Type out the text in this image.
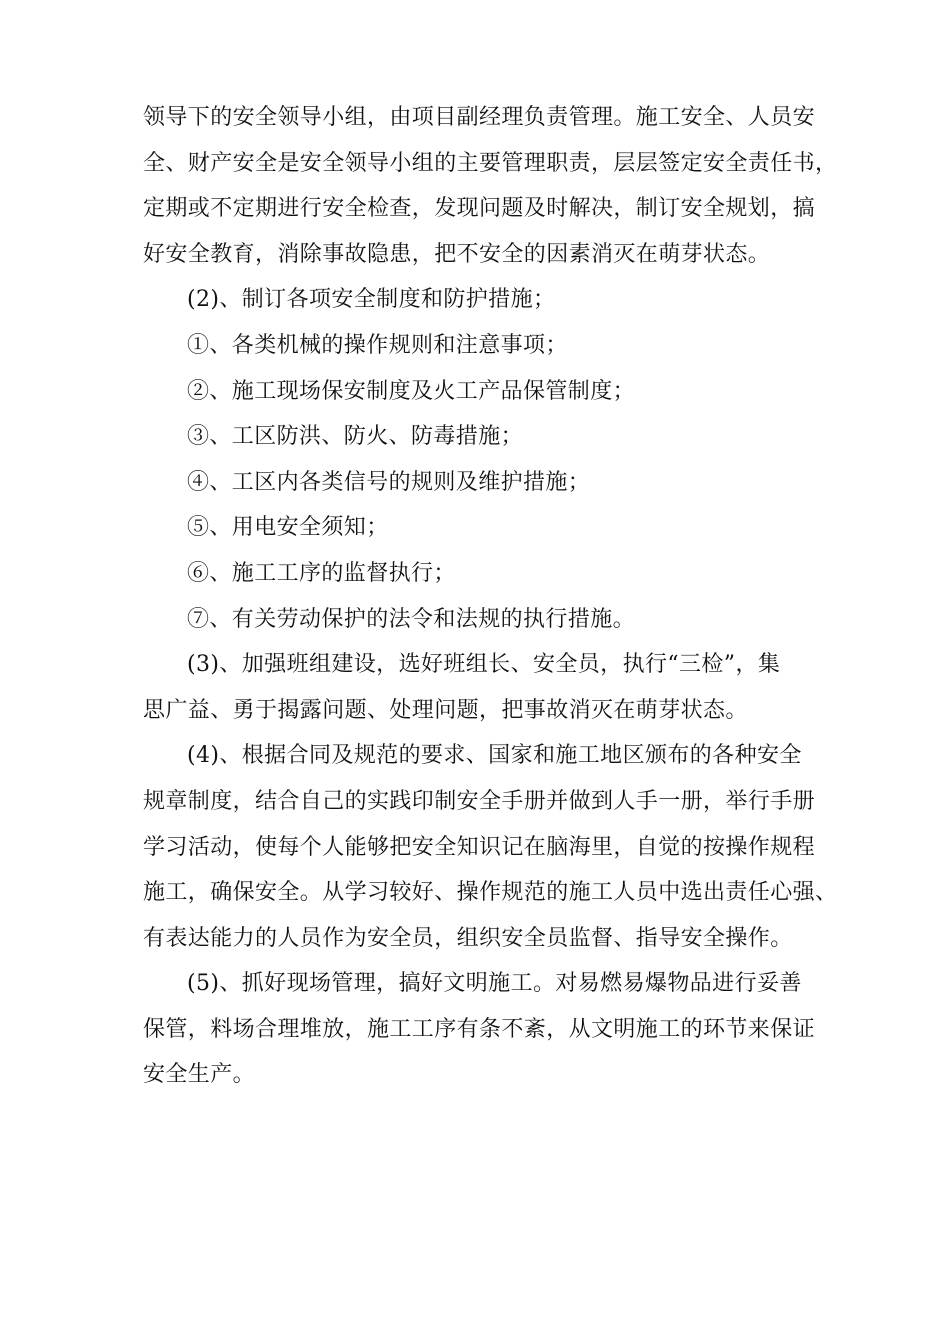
领导下的安全领导小组，由项目副经理负责管理。施工安全、人员安
全、财产安全是安全领导小组的主要管理职责，层层签定安全责任书，
定期或不定期进行安全检查，发现问题及时解决，制订安全规划，搞
好安全教育，消除事故隐患，把不安全的因素消灭在萌芽状态。
(2)、制订各项安全制度和防护措施；
①、各类机械的操作规则和注意事项；
②、施工现场保安制度及火工产品保管制度；
③、工区防洪、防火、防毒措施；
④、工区内各类信号的规则及维护措施；
⑤、用电安全须知；
⑥、施工工序的监督执行；
⑦、有关劳动保护的法令和法规的执行措施。
(3)、加强班组建设，选好班组长、安全员，执行“三检”，集
思广益、勇于揭露问题、处理问题，把事故消灭在萌芽状态。
(4)、根据合同及规范的要求、国家和施工地区颁布的各种安全
规章制度，结合自己的实践印制安全手册并做到人手一册，举行手册
学习活动，使每个人能够把安全知识记在脑海里，自觉的按操作规程
施工，确保安全。从学习较好、操作规范的施工人员中选出责任心强、
有表达能力的人员作为安全员，组织安全员监督、指导安全操作。
(5)、抓好现场管理，搞好文明施工。对易燃易爆物品进行妥善
保管，料场合理堆放，施工工序有条不紊，从文明施工的环节来保证
安全生产。
